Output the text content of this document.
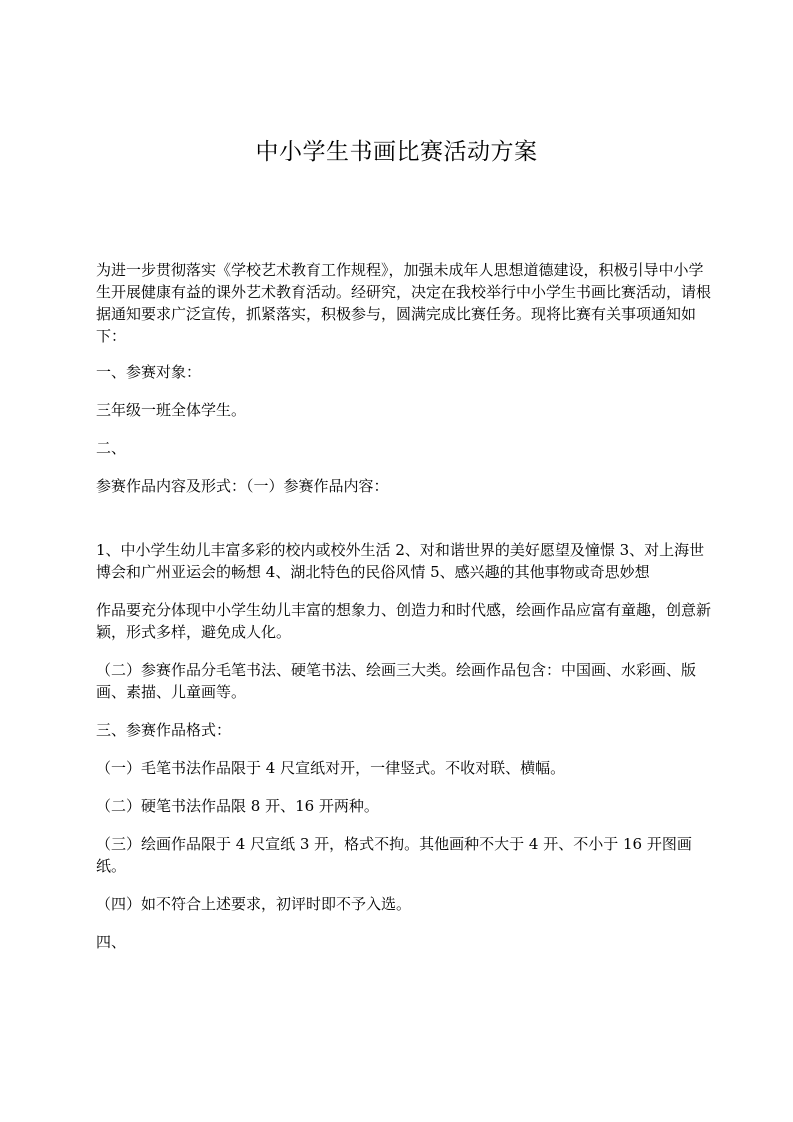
中小学生书画比赛活动方案

为进一步贯彻落实《学校艺术教育工作规程》，加强未成年人思想道德建设，积极引导中小学生开展健康有益的课外艺术教育活动。经研究，决定在我校举行中小学生书画比赛活动，请根据通知要求广泛宣传，抓紧落实，积极参与，圆满完成比赛任务。现将比赛有关事项通知如下：

一、参赛对象：

三年级一班全体学生。

二、

参赛作品内容及形式：（一）参赛作品内容：

1、中小学生幼儿丰富多彩的校内或校外生活 2、对和谐世界的美好愿望及憧憬 3、对上海世博会和广州亚运会的畅想 4、湖北特色的民俗风情 5、感兴趣的其他事物或奇思妙想

作品要充分体现中小学生幼儿丰富的想象力、创造力和时代感，绘画作品应富有童趣，创意新颖，形式多样，避免成人化。

（二）参赛作品分毛笔书法、硬笔书法、绘画三大类。绘画作品包含：中国画、水彩画、版画、素描、儿童画等。

三、参赛作品格式：

（一）毛笔书法作品限于 4 尺宣纸对开，一律竖式。不收对联、横幅。

（二）硬笔书法作品限 8 开、16 开两种。

（三）绘画作品限于 4 尺宣纸 3 开，格式不拘。其他画种不大于 4 开、不小于 16 开图画纸。

（四）如不符合上述要求，初评时即不予入选。

四、
